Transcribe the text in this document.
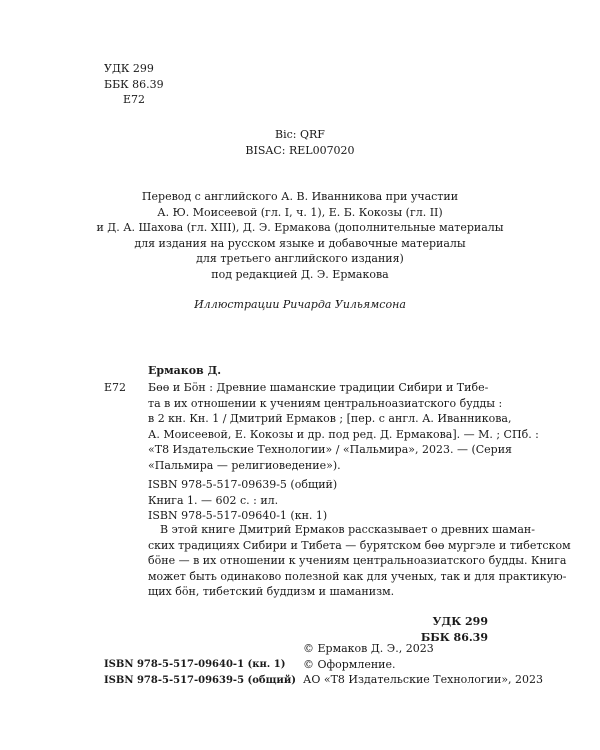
УДК 299
ББК 86.39
Е72
Bic: QRF
BISAC: REL007020
Перевод с английского А. В. Иванникова при участии
А. Ю. Моисеевой (гл. I, ч. 1), Е. Б. Кокозы (гл. II)
и Д. А. Шахова (гл. XIII), Д. Э. Ермакова (дополнительные материалы
для издания на русском языке и добавочные материалы
для третьего английского издания)
под редакцией Д. Э. Ермакова
Иллюстрации Ричарда Уильямсона
Ермаков Д.
Е72 Бөө и Бӧн : Древние шаманские традиции Сибири и Тибе-
та в их отношении к учениям центральноазиатского будды :
в 2 кн. Кн. 1 / Дмитрий Ермаков ; [пер. с англ. А. Иванникова,
А. Моисеевой, Е. Кокозы и др. под ред. Д. Ермакова]. — М. ; СПб. :
«Т8 Издательские Технологии» / «Пальмира», 2023. — (Серия
«Пальмира — религиоведение»).
ISBN 978-5-517-09639-5 (общий)
Книга 1. — 602 с. : ил.
ISBN 978-5-517-09640-1 (кн. 1)
В этой книге Дмитрий Ермаков рассказывает о древних шаман-
ских традициях Сибири и Тибета — бурятском бөө мургэле и тибетском
бӧне — в их отношении к учениям центральноазиатского будды. Книга
может быть одинаково полезной как для ученых, так и для практикую-
щих бӧн, тибетский буддизм и шаманизм.
УДК 299
ББК 86.39
ISBN 978-5-517-09640-1 (кн. 1)
ISBN 978-5-517-09639-5 (общий)
© Ермаков Д. Э., 2023
© Оформление.
АО «Т8 Издательские Технологии», 2023
